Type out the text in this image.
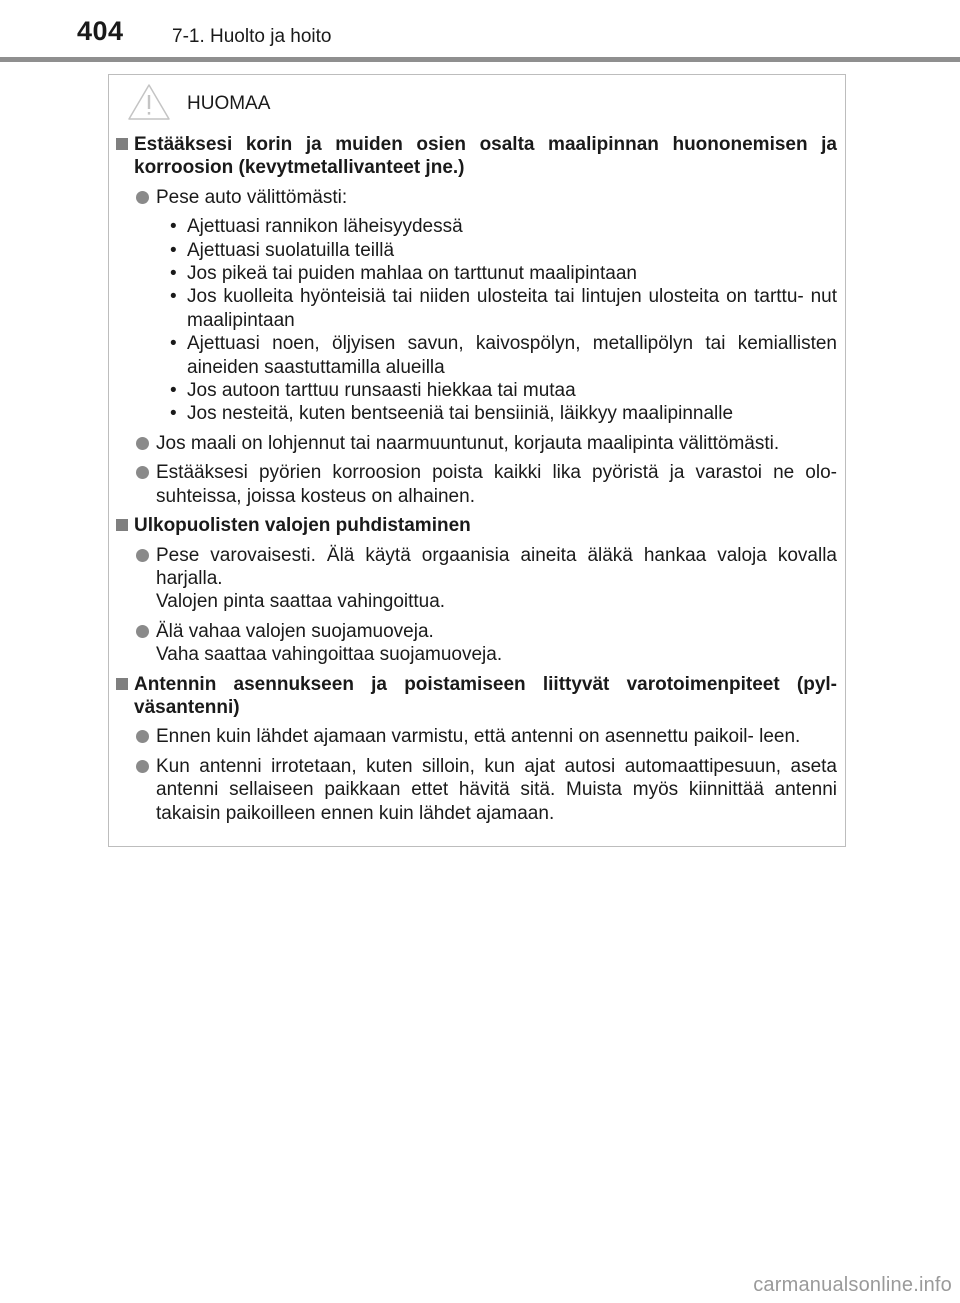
404	7-1. Huolto ja hoito
HUOMAA
Estääksesi korin ja muiden osien osalta maalipinnan huononemisen ja korroosion (kevytmetallivanteet jne.)
Pese auto välittömästi:
• Ajettuasi rannikon läheisyydessä
• Ajettuasi suolatuilla teillä
• Jos pikeä tai puiden mahlaa on tarttunut maalipintaan
• Jos kuolleita hyönteisiä tai niiden ulosteita tai lintujen ulosteita on tarttu- nut maalipintaan
• Ajettuasi noen, öljyisen savun, kaivospölyn, metallipölyn tai kemiallisten aineiden saastuttamilla alueilla
• Jos autoon tarttuu runsaasti hiekkaa tai mutaa
• Jos nesteitä, kuten bentseeniä tai bensiiniä, läikkyy maalipinnalle
Jos maali on lohjennut tai naarmuuntunut, korjauta maalipinta välittömästi.
Estääksesi pyörien korroosion poista kaikki lika pyöristä ja varastoi ne olo- suhteissa, joissa kosteus on alhainen.
Ulkopuolisten valojen puhdistaminen
Pese varovaisesti. Älä käytä orgaanisia aineita äläkä hankaa valoja kovalla harjalla.
Valojen pinta saattaa vahingoittua.
Älä vahaa valojen suojamuoveja.
Vaha saattaa vahingoittaa suojamuoveja.
Antennin asennukseen ja poistamiseen liittyvät varotoimenpiteet (pyl- väsantenni)
Ennen kuin lähdet ajamaan varmistu, että antenni on asennettu paikoil- leen.
Kun antenni irrotetaan, kuten silloin, kun ajat autosi automaattipesuun, aseta antenni sellaiseen paikkaan ettet hävitä sitä. Muista myös kiinnittää antenni takaisin paikoilleen ennen kuin lähdet ajamaan.
carmanualsonline.info
